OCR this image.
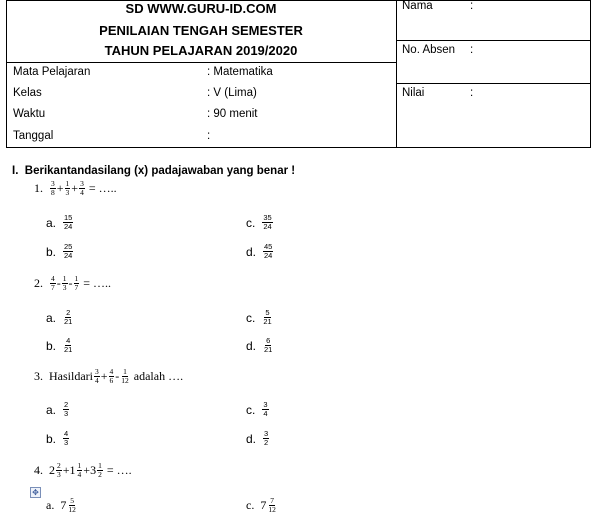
SD WWW.GURU-ID.COM
PENILAIAN TENGAH SEMESTER
TAHUN PELAJARAN 2019/2020
Mata Pelajaran	: Matematika
Kelas	: V (Lima)
Waktu	: 90 menit
Tanggal	:
Nama	:
No. Absen :
Nilai	:
I. Berikantandasilang (x) padajawaban yang benar !
1.
$\frac{3}{8} + \frac{1}{3} + \frac{3}{4}$
= …..
a. $\frac{15}{24}$
b. $\frac{25}{24}$
c. $\frac{35}{24}$
d. $\frac{45}{24}$
2.
$\frac{4}{7} - \frac{1}{3} - \frac{1}{7}$
= …..
a. $\frac{2}{21}$
b. $\frac{4}{21}$
c. $\frac{5}{21}$
d. $\frac{6}{21}$
3.
Hasildari $\frac{3}{4} + \frac{4}{6} - \frac{1}{12}$
adalah ….
a. $\frac{2}{3}$
b. $\frac{4}{3}$
c. $\frac{3}{4}$
d. $\frac{3}{2}$
4.
$2 \frac{2}{3} + 1 \frac{1}{4} + 3 \frac{1}{2}$
= ….
✥
a. $7 \frac{5}{12}$	c. $7 \frac{7}{12}$
